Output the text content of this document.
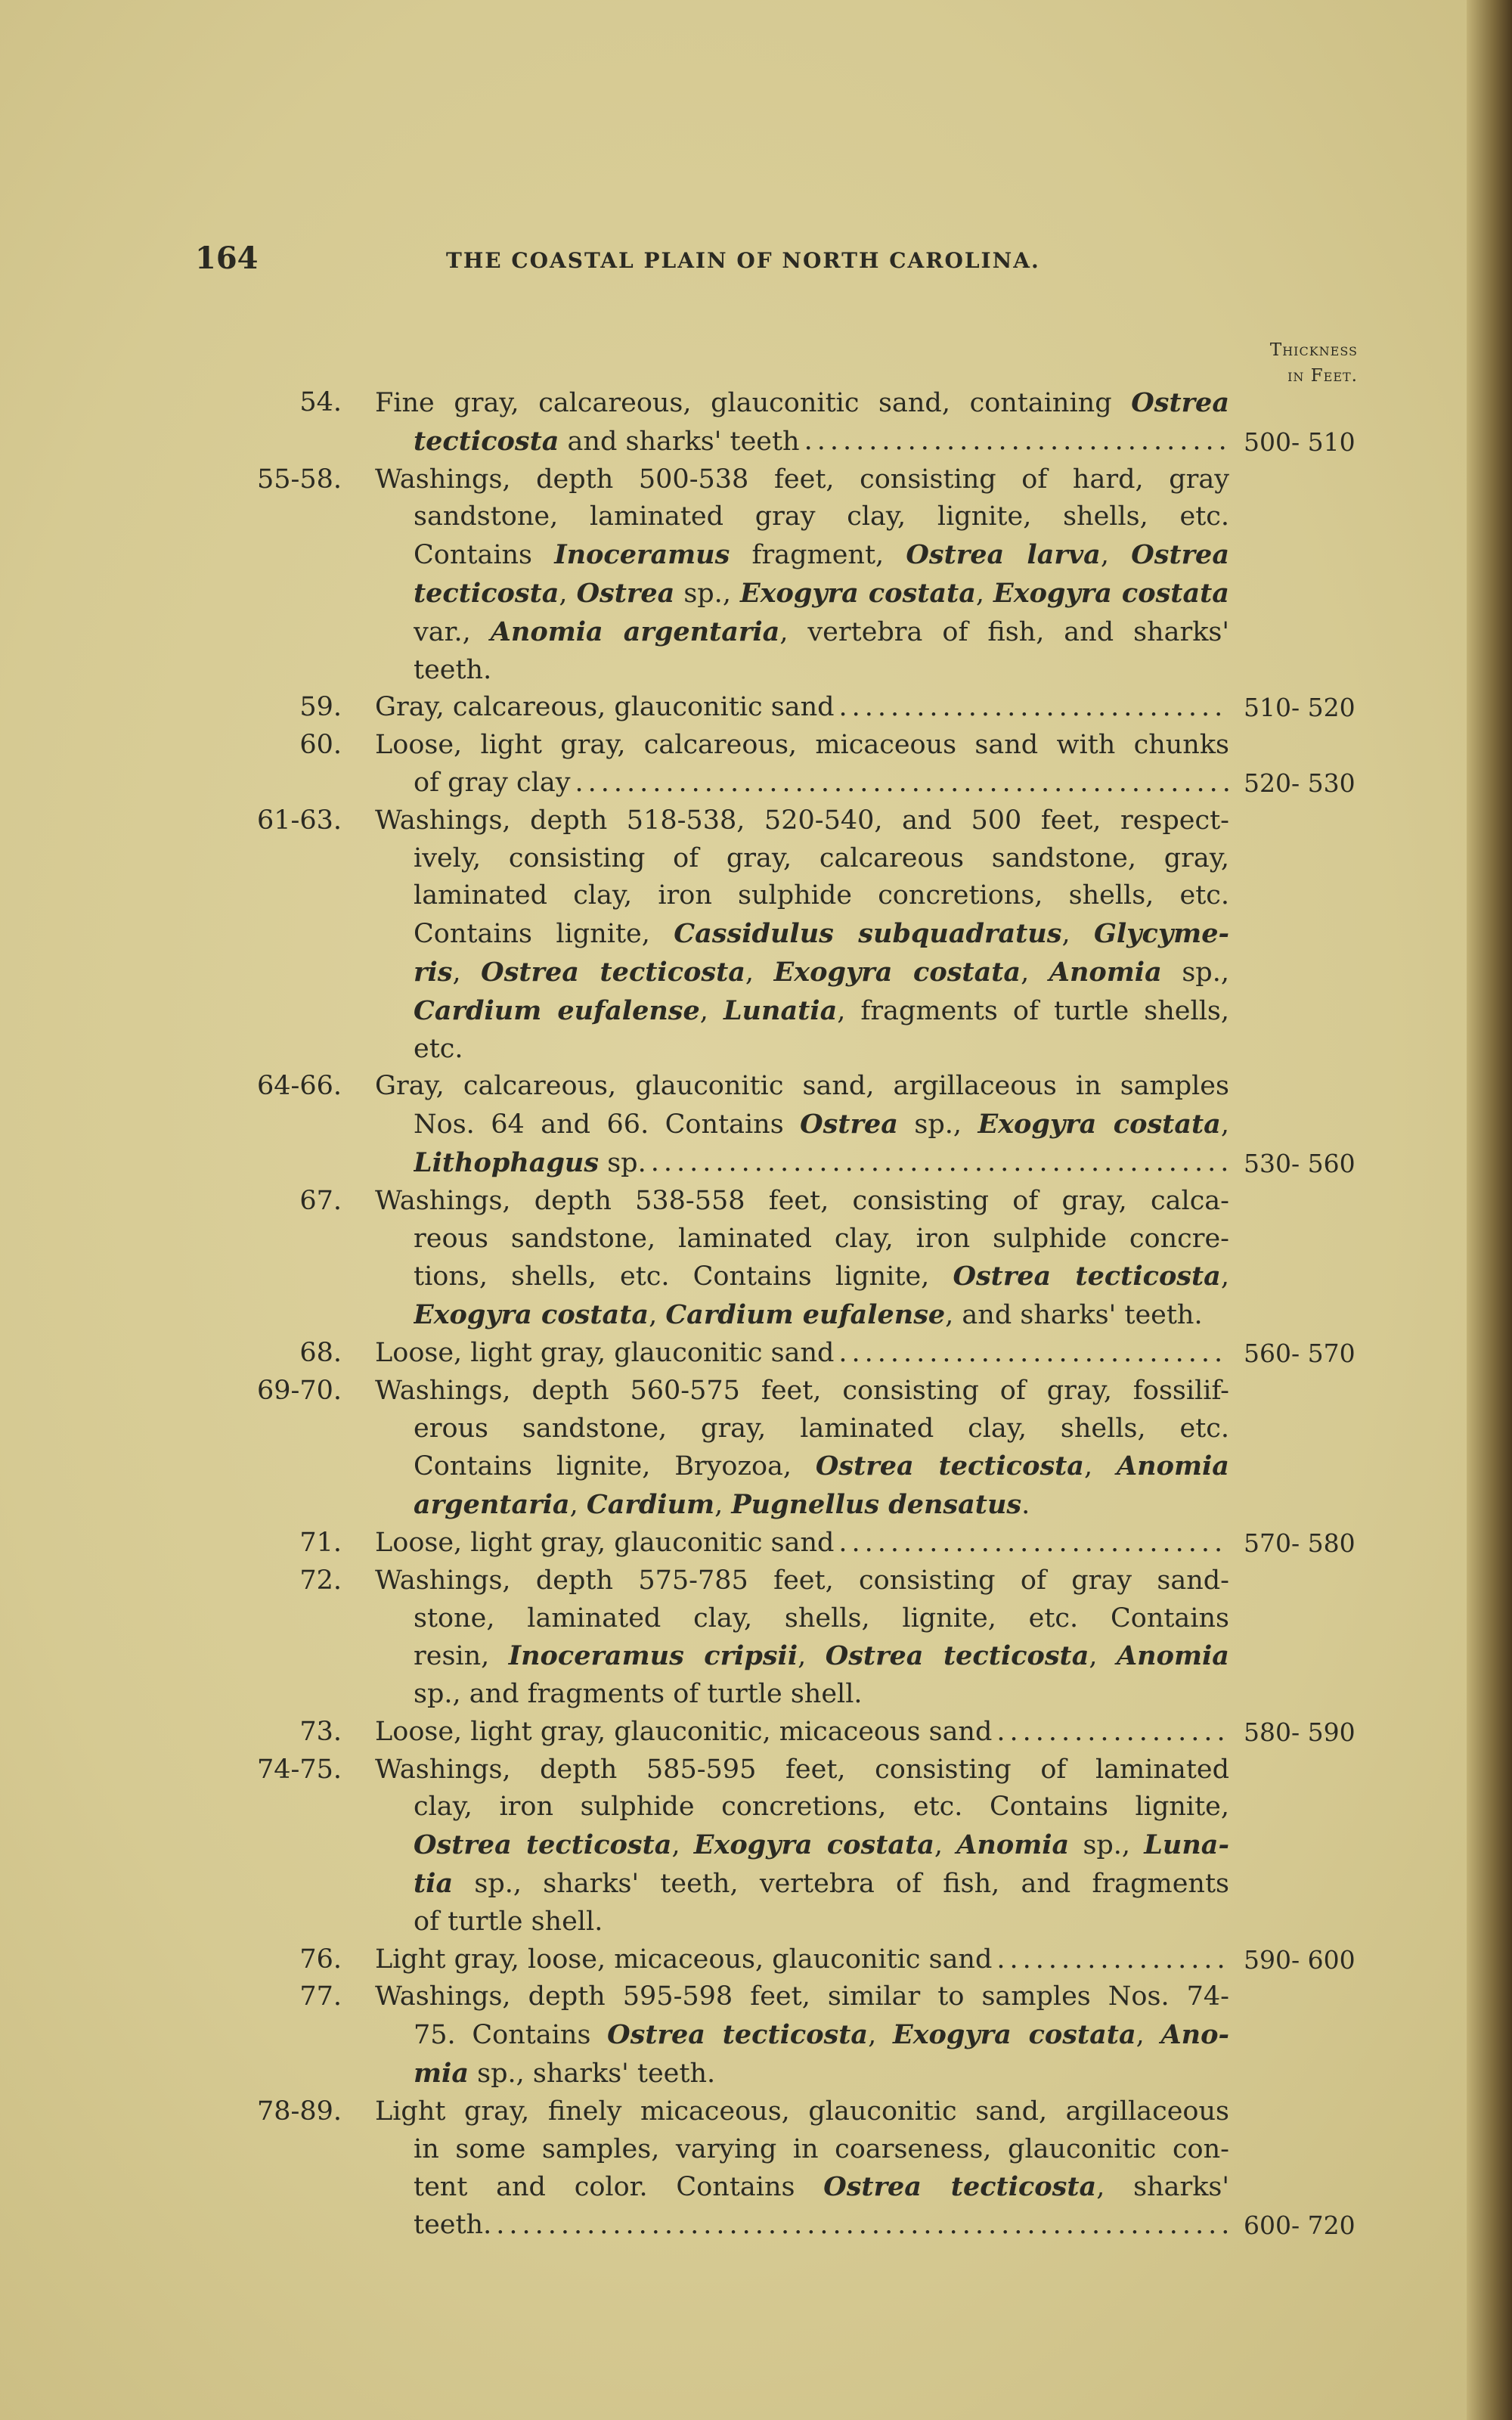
164	THE COASTAL PLAIN OF NORTH CAROLINA.
Thickness
in Feet.
54. Fine gray, calcareous, glauconitic sand, containing Ostrea
tecticosta and sharks' teeth .....	500- 510
55-58. Washings, depth 500-538 feet, consisting of hard, gray
sandstone, laminated gray clay, lignite, shells, etc.
Contains Inoceramus fragment, Ostrea larva, Ostrea
tecticosta, Ostrea sp., Exogyra costata, Exogyra costata
var., Anomia argentaria, vertebra of fish, and sharks'
teeth.
59. Gray, calcareous, glauconitic sand .....	510- 520
60. Loose, light gray, calcareous, micaceous sand with chunks
of gray clay .....	520- 530
61-63. Washings, depth 518-538, 520-540, and 500 feet, respect-
ively, consisting of gray, calcareous sandstone, gray,
laminated clay, iron sulphide concretions, shells, etc.
Contains lignite, Cassidulus subquadratus, Glycyme-
ris, Ostrea tecticosta, Exogyra costata, Anomia sp.,
Cardium eufalense, Lunatia, fragments of turtle shells,
etc.
64-66. Gray, calcareous, glauconitic sand, argillaceous in samples
Nos. 64 and 66. Contains Ostrea sp., Exogyra costata,
Lithophagus sp. .....	530- 560
67. Washings, depth 538-558 feet, consisting of gray, calca-
reous sandstone, laminated clay, iron sulphide concre-
tions, shells, etc. Contains lignite, Ostrea tecticosta,
Exogyra costata, Cardium eufalense, and sharks' teeth.
68. Loose, light gray, glauconitic sand .....	560- 570
69-70. Washings, depth 560-575 feet, consisting of gray, fossilif-
erous sandstone, gray, laminated clay, shells, etc.
Contains lignite, Bryozoa, Ostrea tecticosta, Anomia
argentaria, Cardium, Pugnellus densatus.
71. Loose, light gray, glauconitic sand .....	570- 580
72. Washings, depth 575-785 feet, consisting of gray sand-
stone, laminated clay, shells, lignite, etc. Contains
resin, Inoceramus cripsii, Ostrea tecticosta, Anomia
sp., and fragments of turtle shell.
73. Loose, light gray, glauconitic, micaceous sand .....	580- 590
74-75. Washings, depth 585-595 feet, consisting of laminated
clay, iron sulphide concretions, etc. Contains lignite,
Ostrea tecticosta, Exogyra costata, Anomia sp., Luna-
tia sp., sharks' teeth, vertebra of fish, and fragments
of turtle shell.
76. Light gray, loose, micaceous, glauconitic sand .....	590- 600
77. Washings, depth 595-598 feet, similar to samples Nos. 74-
75. Contains Ostrea tecticosta, Exogyra costata, Ano-
mia sp., sharks' teeth.
78-89. Light gray, finely micaceous, glauconitic sand, argillaceous
in some samples, varying in coarseness, glauconitic con-
tent and color. Contains Ostrea tecticosta, sharks'
teeth. .....	600- 720
